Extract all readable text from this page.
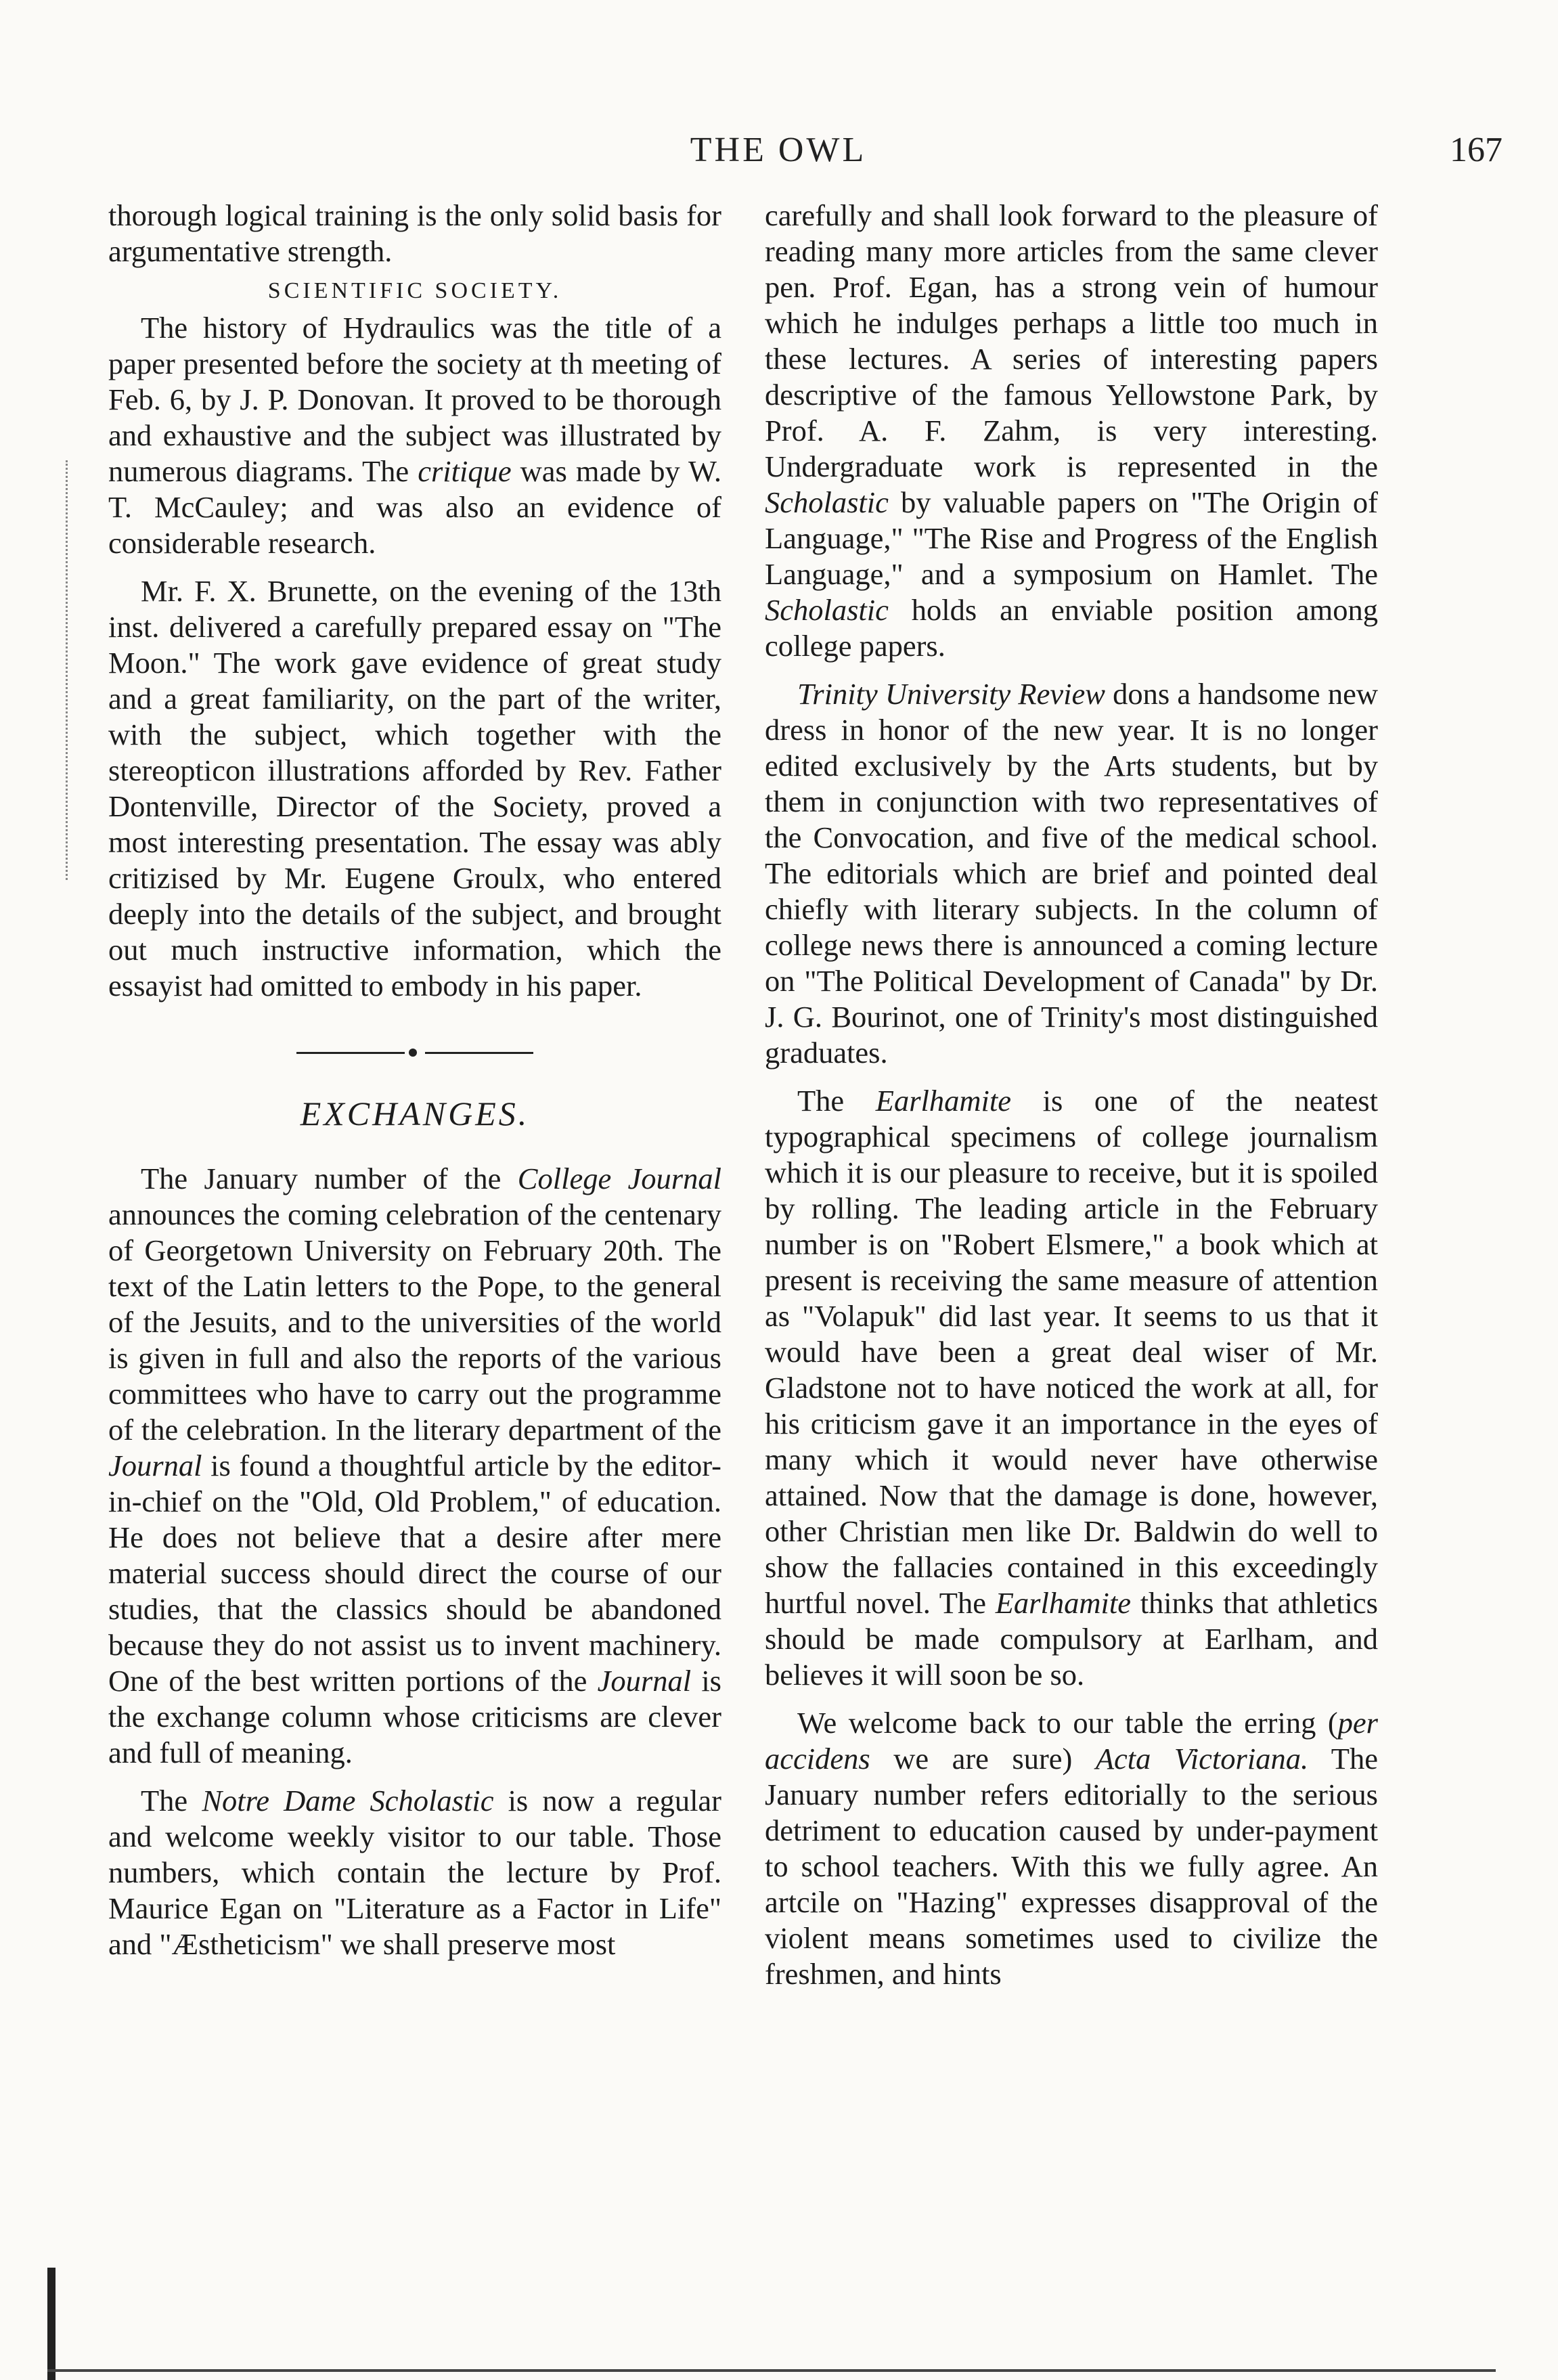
THE OWL	167

thorough logical training is the only solid basis for argumentative strength.

SCIENTIFIC SOCIETY.

The history of Hydraulics was the title of a paper presented before the society at th meeting of Feb. 6, by J. P. Donovan. It proved to be thorough and exhaustive and the subject was illustrated by numerous diagrams. The critique was made by W. T. McCauley; and was also an evidence of considerable research.

Mr. F. X. Brunette, on the evening of the 13th inst. delivered a carefully prepared essay on "The Moon." The work gave evidence of great study and a great familiarity, on the part of the writer, with the subject, which together with the stereopticon illustrations afforded by Rev. Father Dontenville, Director of the Society, proved a most interesting presentation. The essay was ably critizised by Mr. Eugene Groulx, who entered deeply into the details of the subject, and brought out much instructive information, which the essayist had omitted to embody in his paper.

EXCHANGES.

The January number of the College Journal announces the coming celebration of the centenary of Georgetown University on February 20th. The text of the Latin letters to the Pope, to the general of the Jesuits, and to the universities of the world is given in full and also the reports of the various committees who have to carry out the programme of the celebration. In the literary department of the Journal is found a thoughtful article by the editor-in-chief on the "Old, Old Problem," of education. He does not believe that a desire after mere material success should direct the course of our studies, that the classics should be abandoned because they do not assist us to invent machinery. One of the best written portions of the Journal is the exchange column whose criticisms are clever and full of meaning.

The Notre Dame Scholastic is now a regular and welcome weekly visitor to our table. Those numbers, which contain the lecture by Prof. Maurice Egan on "Literature as a Factor in Life" and "Æstheticism" we shall preserve most

carefully and shall look forward to the pleasure of reading many more articles from the same clever pen. Prof. Egan, has a strong vein of humour which he indulges perhaps a little too much in these lectures. A series of interesting papers descriptive of the famous Yellowstone Park, by Prof. A. F. Zahm, is very interesting. Undergraduate work is represented in the Scholastic by valuable papers on "The Origin of Language," "The Rise and Progress of the English Language," and a symposium on Hamlet. The Scholastic holds an enviable position among college papers.

Trinity University Review dons a handsome new dress in honor of the new year. It is no longer edited exclusively by the Arts students, but by them in conjunction with two representatives of the Convocation, and five of the medical school. The editorials which are brief and pointed deal chiefly with literary subjects. In the column of college news there is announced a coming lecture on "The Political Development of Canada" by Dr. J. G. Bourinot, one of Trinity's most distinguished graduates.

The Earlhamite is one of the neatest typographical specimens of college journalism which it is our pleasure to receive, but it is spoiled by rolling. The leading article in the February number is on "Robert Elsmere," a book which at present is receiving the same measure of attention as "Volapuk" did last year. It seems to us that it would have been a great deal wiser of Mr. Gladstone not to have noticed the work at all, for his criticism gave it an importance in the eyes of many which it would never have otherwise attained. Now that the damage is done, however, other Christian men like Dr. Baldwin do well to show the fallacies contained in this exceedingly hurtful novel. The Earlhamite thinks that athletics should be made compulsory at Earlham, and believes it will soon be so.

We welcome back to our table the erring (per accidens we are sure) Acta Victoriana. The January number refers editorially to the serious detriment to education caused by under-payment to school teachers. With this we fully agree. An artcile on "Hazing" expresses disapproval of the violent means sometimes used to civilize the freshmen, and hints
